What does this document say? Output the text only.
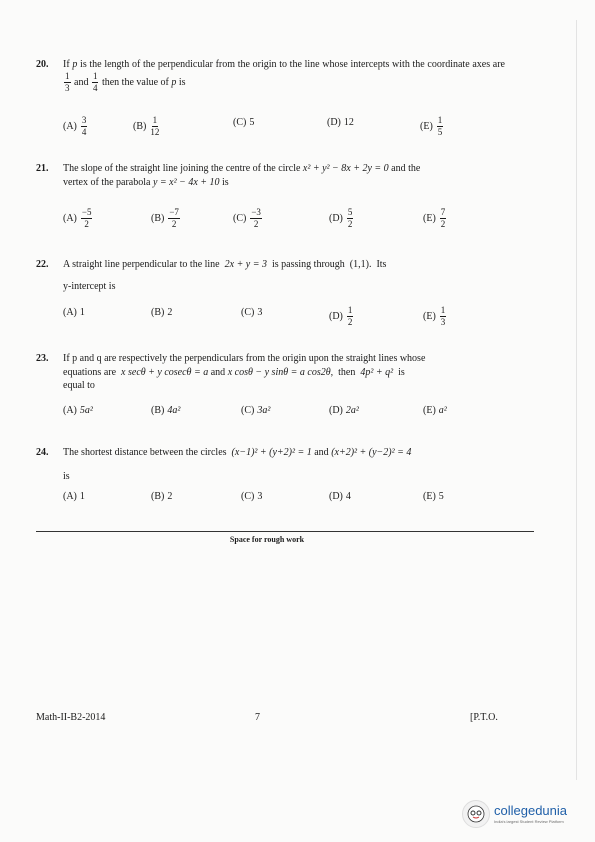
20. If p is the length of the perpendicular from the origin to the line whose intercepts with the coordinate axes are
$\frac{1}{3}$ and $\frac{1}{4}$ then the value of p is
$(A) \frac{3}{4}$	$(B) \frac{1}{12}$	(C) 5	(D) 12	$(E) \frac{1}{5}$
21. The slope of the straight line joining the centre of the circle x² + y² − 8x + 2y = 0 and the
vertex of the parabola y = x² − 4x + 10 is
$(A) \frac{-5}{2}$	$(B) \frac{-7}{2}$	$(C) \frac{-3}{2}$	$(D) \frac{5}{2}$	$(E) \frac{7}{2}$
22. A straight line perpendicular to the line 2x + y = 3 is passing through (1,1). Its

y-intercept is
(A) 1	(B) 2	(C) 3	$(D) \frac{1}{2}$	$(E) \frac{1}{3}$
23. If p and q are respectively the perpendiculars from the origin upon the straight lines whose
equations are x secθ + y cosecθ = a and x cosθ − y sinθ = a cos2θ, then 4p² + q² is
equal to
(A) 5a²	(B) 4a²	(C) 3a²	(D) 2a²	(E) a²
24. The shortest distance between the circles (x−1)² + (y+2)² = 1 and (x+2)² + (y−2)² = 4

is
(A) 1	(B) 2	(C) 3	(D) 4	(E) 5
Space for rough work
Math-II-B2-2014	7	[P.T.O.
collegedunia
India's largest Student Review Platform
